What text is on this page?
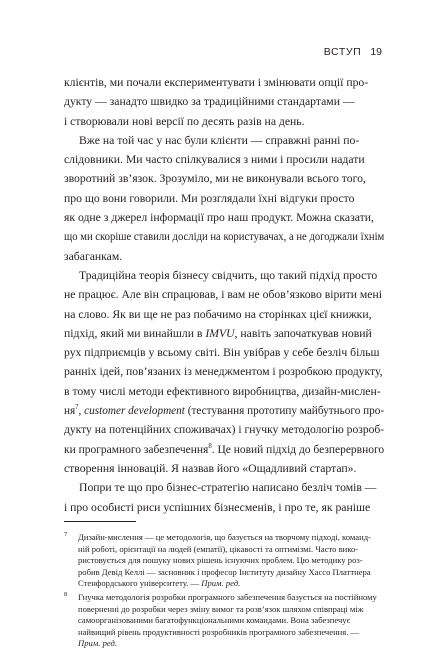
ВСТУП 19
клієнтів, ми почали експериментувати і змінювати опції про-
дукту — занадто швидко за традиційними стандартами —
і створювали нові версії по десять разів на день.
Вже на той час у нас були клієнти — справжні ранні по-
слідовники. Ми часто спілкувалися з ними і просили надати
зворотний зв’язок. Зрозуміло, ми не виконували всього того,
про що вони говорили. Ми розглядали їхні відгуки просто
як одне з джерел інформації про наш продукт. Можна сказати,
що ми скоріше ставили досліди на користувачах, а не догоджали їхнім
забаганкам.
Традиційна теорія бізнесу свідчить, що такий підхід просто
не працює. Але він спрацював, і вам не обов’язково вірити мені
на слово. Як ви ще не раз побачимо на сторінках цієї книжки,
підхід, який ми винайшли в IMVU, навіть започаткував новий
рух підприємців у всьому світі. Він увібрав у себе безліч більш
ранніх ідей, пов’язаних із менеджментом і розробкою продукту,
в тому числі методи ефективного виробництва, дизайн-мислен-
$ня^7$, customer development (тестування прототипу майбутнього про-
дукту на потенційних споживачах) і гнучку методологію розроб-
ки програмного забезпечення$^8$. Це новий підхід до безперервного
створення інновацій. Я назвав його «Ощадливий стартап».
Попри те що про бізнес-стратегію написано безліч томів —
і про особисті риси успішних бізнесменів, і про те, як раніше
7 Дизайн-мислення — це методологія, що базується на творчому підході, команд-
ній роботі, орієнтації на людей (емпатії), цікавості та оптимізмі. Часто вико-
ристовується для пошуку нових рішень існуючих проблем. Цю методику роз-
робив Девід Келлі — засновник і професор Інституту дизайну Хассо Платтнера
Стенфордського університету. — Прим. ред.
8 Гнучка методологія розробки програмного забезпечення базується на постійному
поверненні до розробки через зміну вимог та розв’язок шляхом співпраці між
самоорганізованими багатофункціональними командами. Вона забезпечує
найвищий рівень продуктивності розробників програмного забезпечення. —
Прим. ред.
